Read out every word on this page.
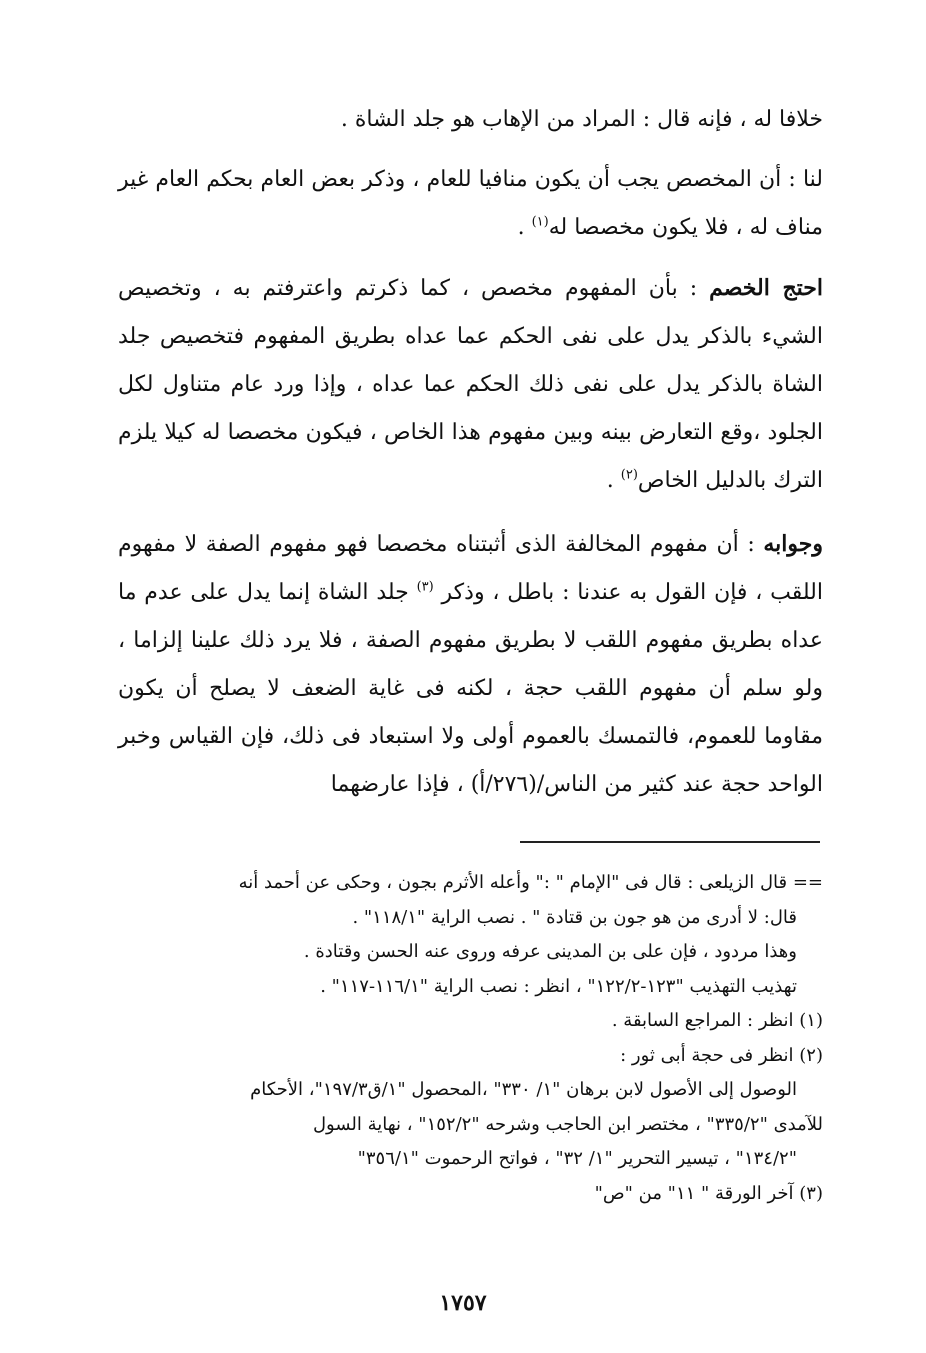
خلافا له ، فإنه قال : المراد من الإهاب هو جلد الشاة .

لنا : أن المخصص يجب أن يكون منافيا للعام ، وذكر بعض العام بحكم العام غير مناف له ، فلا يكون مخصصا له$^{(١)}$ .

احتج الخصم : بأن المفهوم مخصص ، كما ذكرتم واعترفتم به ، وتخصيص الشيء بالذكر يدل على نفى الحكم عما عداه بطريق المفهوم فتخصيص جلد الشاة بالذكر يدل على نفى ذلك الحكم عما عداه ، وإذا ورد عام متناول لكل الجلود ،وقع التعارض بينه وبين مفهوم هذا الخاص ، فيكون مخصصا له كيلا يلزم الترك بالدليل الخاص$^{(٢)}$ .

وجوابه : أن مفهوم المخالفة الذى أثبتناه مخصصا فهو مفهوم الصفة لا مفهوم اللقب ، فإن القول به عندنا : باطل ، وذكر $^{(٣)}$ جلد الشاة إنما يدل على عدم ما عداه بطريق مفهوم اللقب لا بطريق مفهوم الصفة ، فلا يرد ذلك علينا إلزاما ، ولو سلم أن مفهوم اللقب حجة ، لكنه فى غاية الضعف لا يصلح أن يكون مقاوما للعموم، فالتمسك بالعموم أولى ولا استبعاد فى ذلك، فإن القياس وخبر الواحد حجة عند كثير من الناس/(٢٧٦/أ) ، فإذا عارضهما

== قال الزيلعى : قال فى "الإمام " :" وأعله الأثرم بجون ، وحكى عن أحمد أنه
قال: لا أدرى من هو جون بن قتادة " . نصب الراية "١١٨/١" .
وهذا مردود ، فإن على بن المدينى عرفه وروى عنه الحسن وقتادة .
تهذيب التهذيب "١٢٣-١٢٢/٢" ، انظر : نصب الراية "١١٦/١-١١٧" .
(١) انظر : المراجع السابقة .
(٢) انظر فى حجة أبى ثور :
الوصول إلى الأصول لابن برهان "١/ ٣٣٠" ،المحصول "١/ق١٩٧/٣"، الأحكام
للآمدى "٣٣٥/٢" ، مختصر ابن الحاجب وشرحه "١٥٢/٢" ، نهاية السول
"١٣٤/٢" ، تيسير التحرير "١/ ٣٢" ، فواتح الرحموت "٣٥٦/١"
(٣) آخر الورقة " ١١" من "ص"
١٧٥٧
